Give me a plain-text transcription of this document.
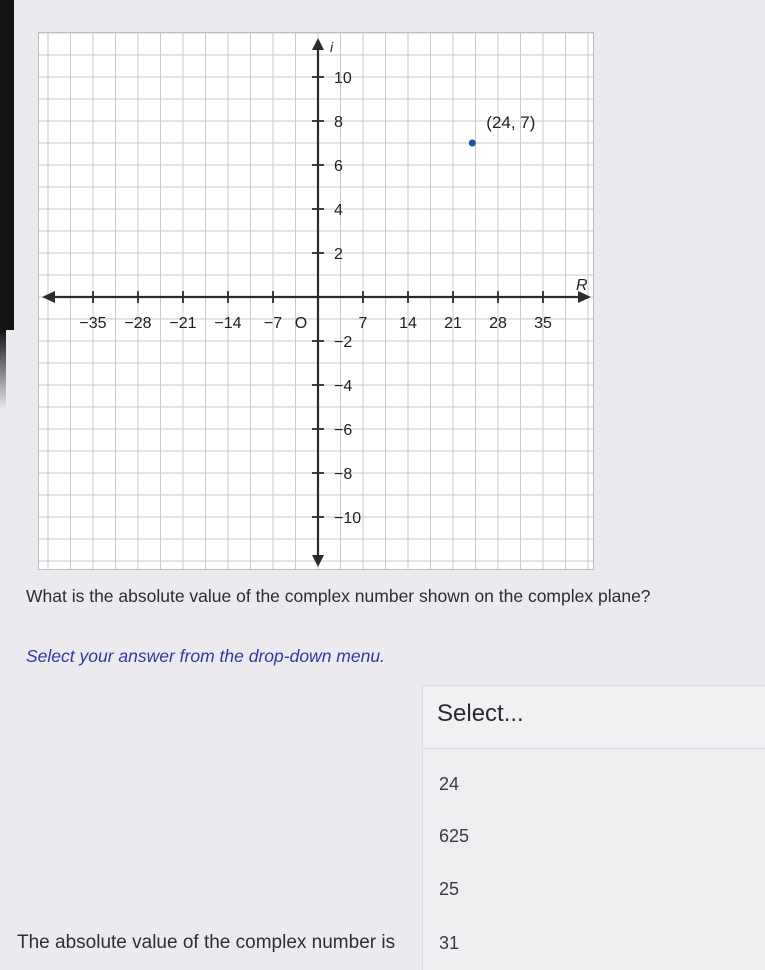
R
i
−35 −28 −21 −14 −7	7 14 21 28 35
O
10
8
6
4
2
−2
−4
−6
−8
−10
(24, 7)
What is the absolute value of the complex number shown on the complex plane?
Select your answer from the drop-down menu.
Select...
24
625
25
31
The absolute value of the complex number is
